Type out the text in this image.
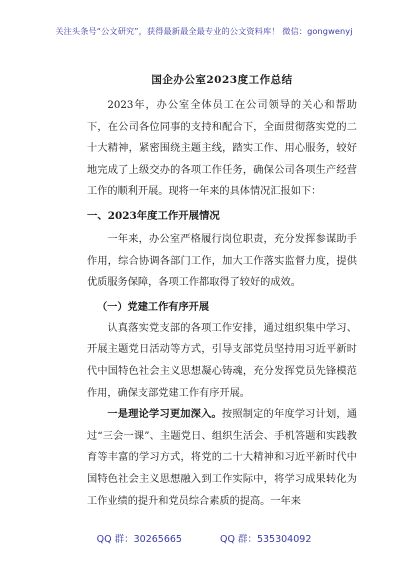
关注头条号“公文研究”，获得最新最全最专业的公文资料库！ 微信：gongwenyj
国企办公室2023度工作总结

2023年，办公室全体员工在公司领导的关心和帮助下，在公司各位同事的支持和配合下，全面贯彻落实党的二十大精神，紧密围绕主题主线，踏实工作、用心服务，较好地完成了上级交办的各项工作任务，确保公司各项生产经营工作的顺利开展。现将一年来的具体情况汇报如下：

一、2023年度工作开展情况

一年来，办公室严格履行岗位职责，充分发挥参谋助手作用，综合协调各部门工作，加大工作落实监督力度，提供优质服务保障，各项工作都取得了较好的成效。

（一）党建工作有序开展

认真落实党支部的各项工作安排，通过组织集中学习、开展主题党日活动等方式，引导支部党员坚持用习近平新时代中国特色社会主义思想凝心铸魂，充分发挥党员先锋模范作用，确保支部党建工作有序开展。

一是理论学习更加深入。按照制定的年度学习计划，通过“三会一课”、主题党日、组织生活会、手机答题和实践教育等丰富的学习方式，将党的二十大精神和习近平新时代中国特色社会主义思想融入到工作实际中，将学习成果转化为工作业绩的提升和党员综合素质的提高。一年来

QQ 群：30265665	QQ 群：535304092
